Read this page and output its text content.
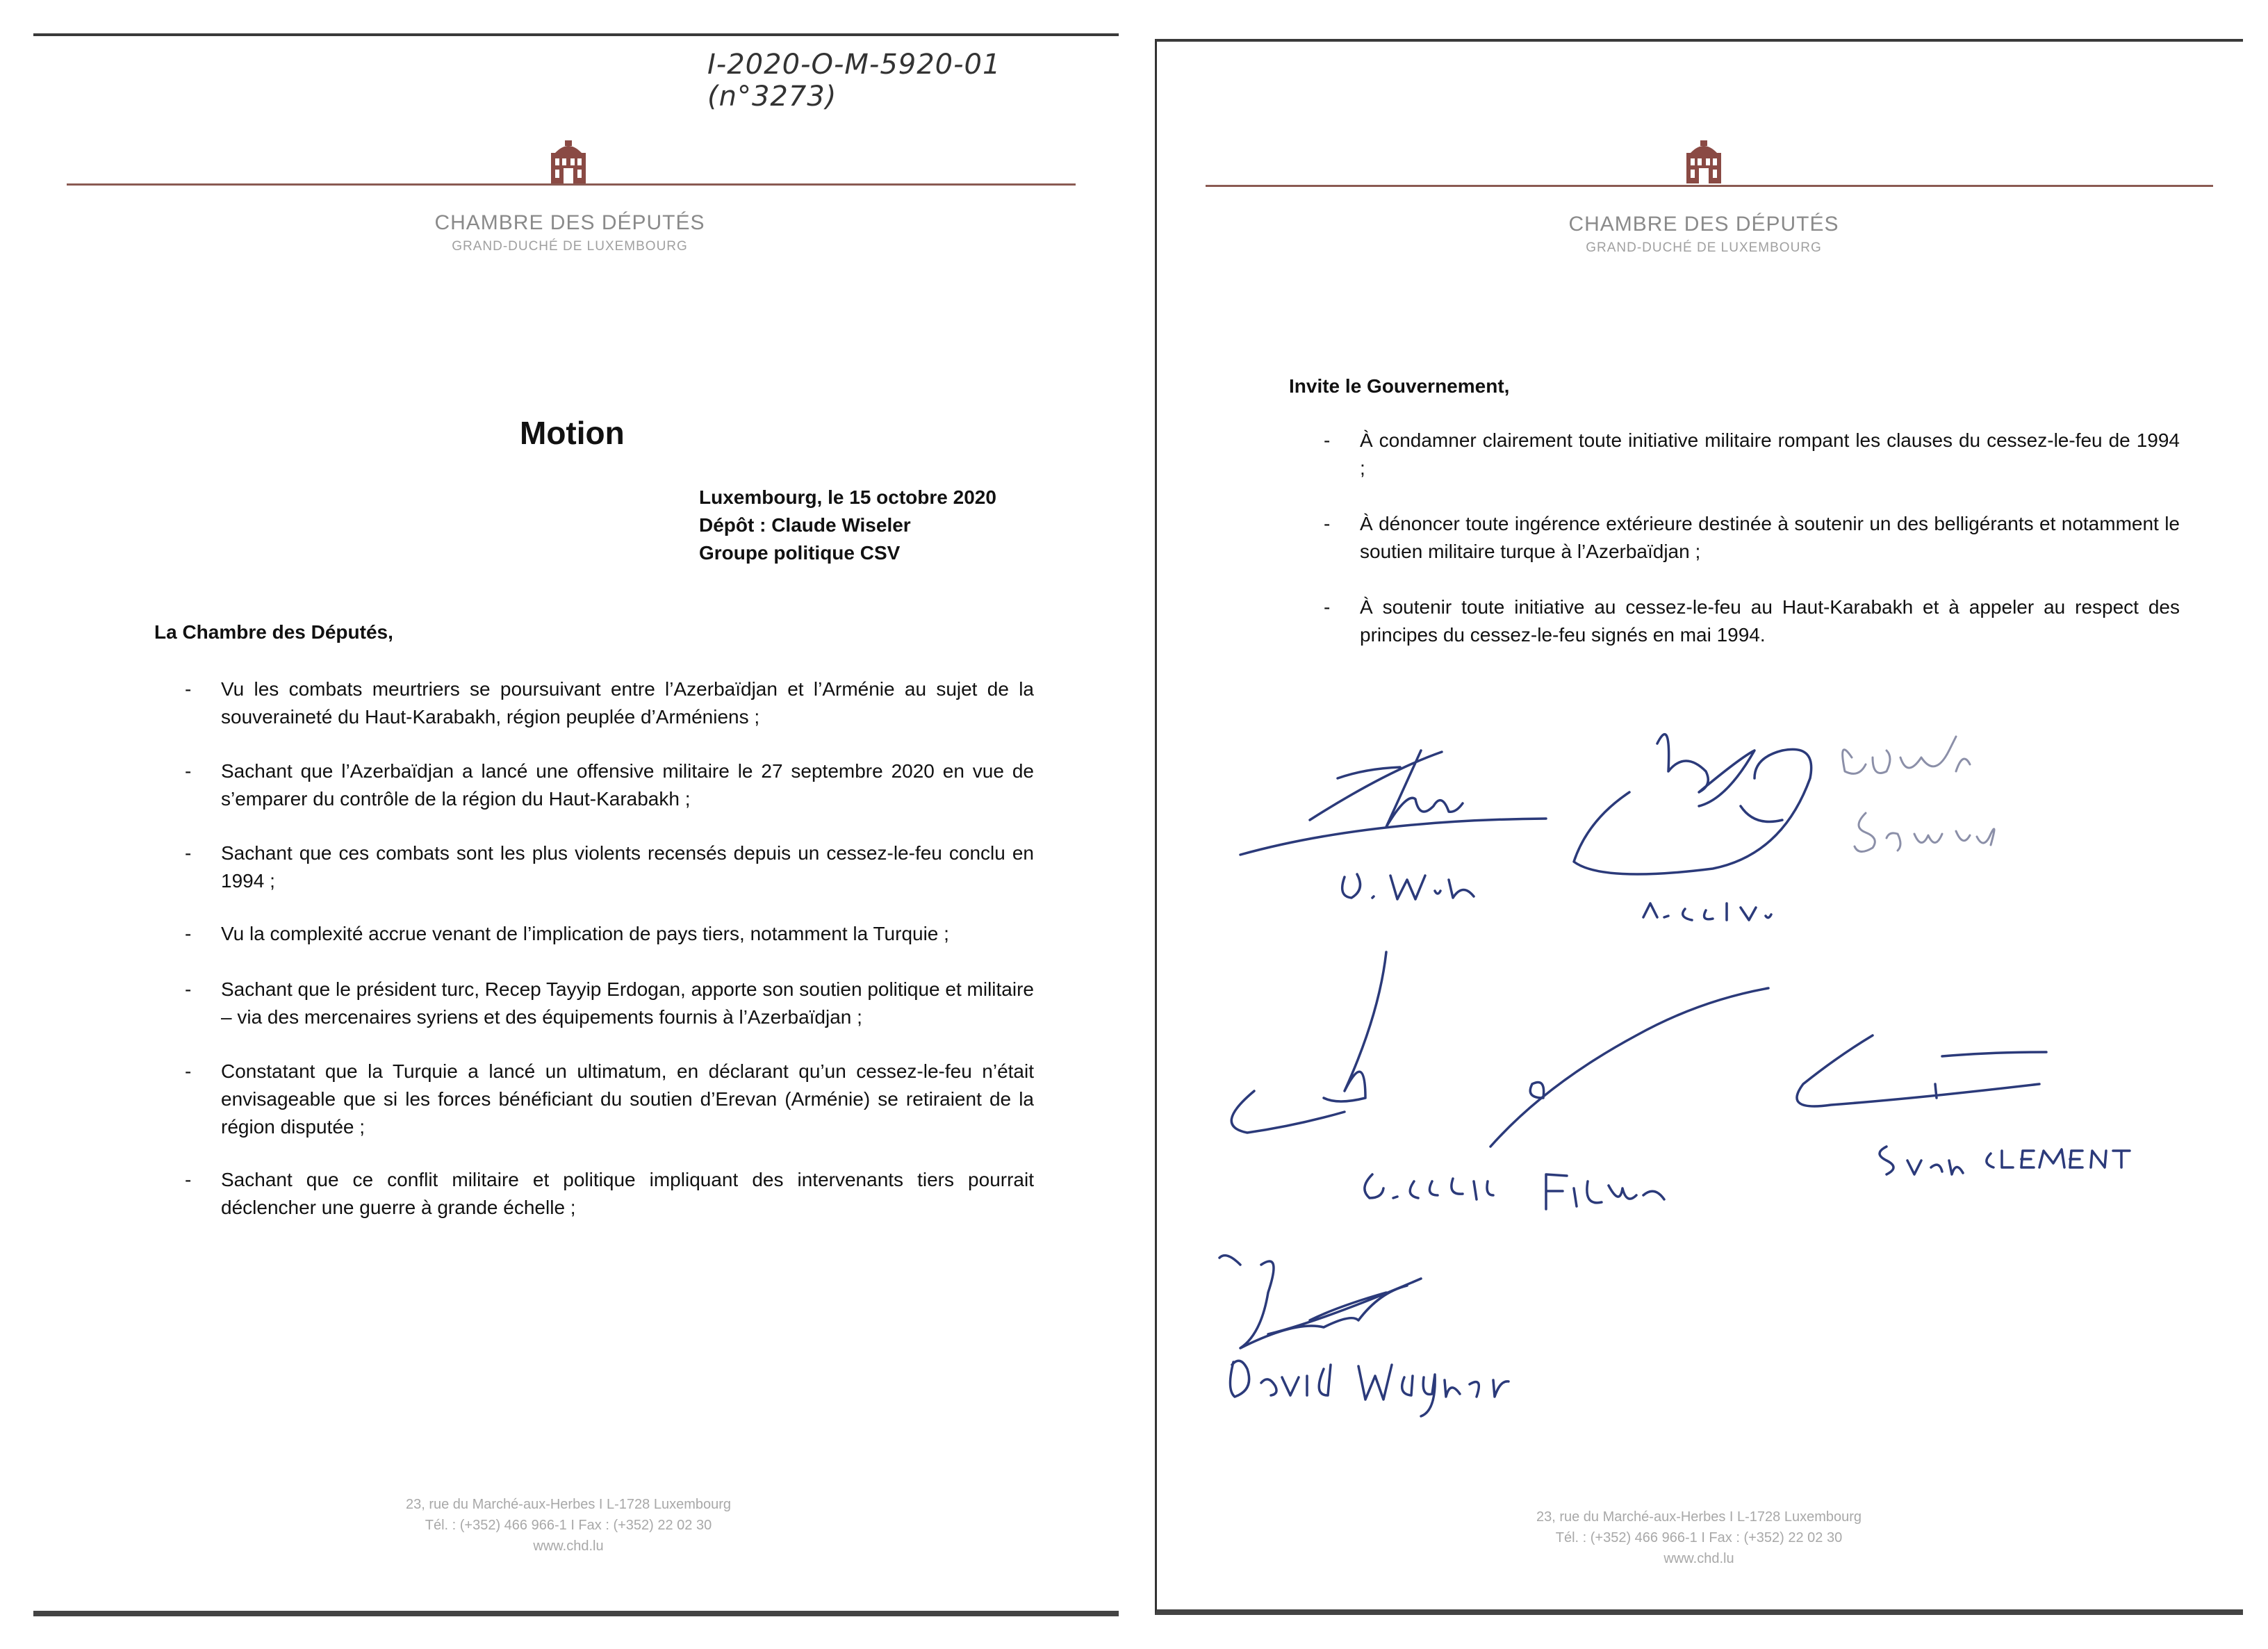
I-2020-O-M-5920-01 (n°3273)
CHAMBRE DES DÉPUTÉS
GRAND-DUCHÉ DE LUXEMBOURG
Motion
Luxembourg, le 15 octobre 2020
Dépôt : Claude Wiseler
Groupe politique CSV
La Chambre des Députés,
- Vu les combats meurtriers se poursuivant entre l’Azerbaïdjan et l’Arménie au sujet de la souveraineté du Haut-Karabakh, région peuplée d’Arméniens ;
- Sachant que l’Azerbaïdjan a lancé une offensive militaire le 27 septembre 2020 en vue de s’emparer du contrôle de la région du Haut-Karabakh ;
- Sachant que ces combats sont les plus violents recensés depuis un cessez-le-feu conclu en 1994 ;
- Vu la complexité accrue venant de l’implication de pays tiers, notamment la Turquie ;
- Sachant que le président turc, Recep Tayyip Erdogan, apporte son soutien politique et militaire – via des mercenaires syriens et des équipements fournis à l’Azerbaïdjan ;
- Constatant que la Turquie a lancé un ultimatum, en déclarant qu’un cessez-le-feu n’était envisageable que si les forces bénéficiant du soutien d’Erevan (Arménie) se retiraient de la région disputée ;
- Sachant que ce conflit militaire et politique impliquant des intervenants tiers pourrait déclencher une guerre à grande échelle ;
23, rue du Marché-aux-Herbes I L-1728 Luxembourg
Tél. : (+352) 466 966-1 I Fax : (+352) 22 02 30
www.chd.lu
CHAMBRE DES DÉPUTÉS
GRAND-DUCHÉ DE LUXEMBOURG
Invite le Gouvernement,
- À condamner clairement toute initiative militaire rompant les clauses du cessez-le-feu de 1994 ;
- À dénoncer toute ingérence extérieure destinée à soutenir un des belligérants et notamment le soutien militaire turque à l’Azerbaïdjan ;
- À soutenir toute initiative au cessez-le-feu au Haut-Karabakh et à appeler au respect des principes du cessez-le-feu signés en mai 1994.
23, rue du Marché-aux-Herbes I L-1728 Luxembourg
Tél. : (+352) 466 966-1 I Fax : (+352) 22 02 30
www.chd.lu
